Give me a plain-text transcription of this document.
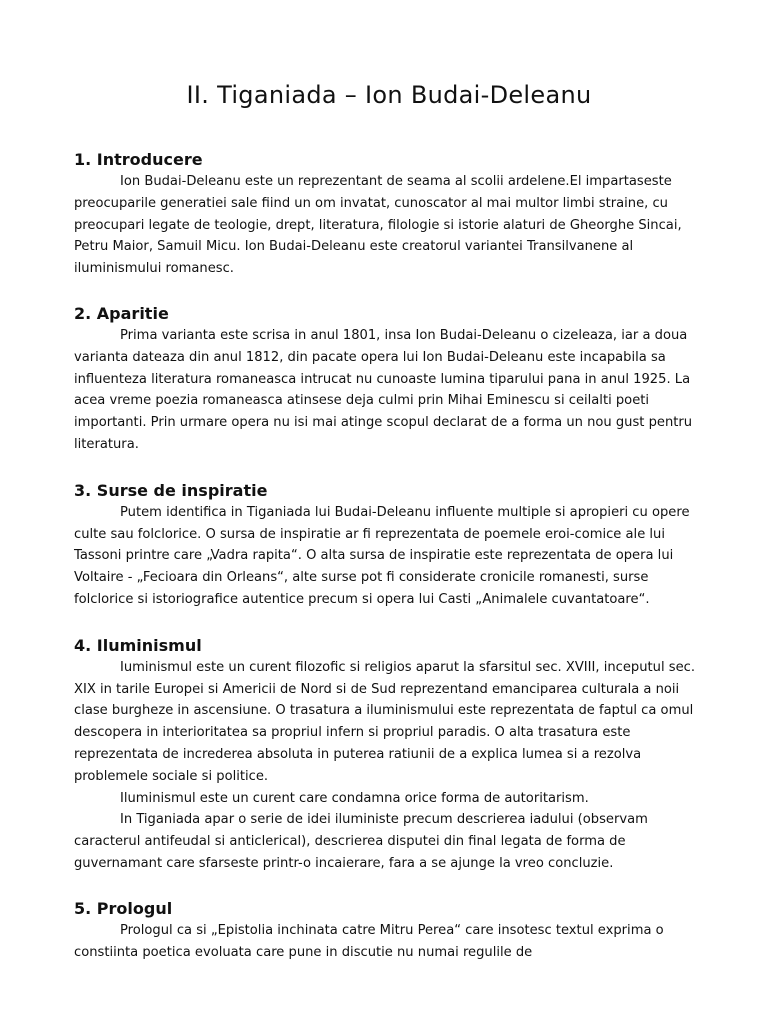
II. Tiganiada – Ion Budai-Deleanu
1. Introducere

Ion Budai-Deleanu este un reprezentant de seama al scolii ardelene.El impartaseste preocuparile generatiei sale fiind un om invatat, cunoscator al mai multor limbi straine, cu preocupari legate de teologie, drept, literatura, filologie si istorie alaturi de Gheorghe Sincai, Petru Maior, Samuil Micu. Ion Budai-Deleanu este creatorul variantei Transilvanene al iluminismului romanesc.

2. Aparitie

Prima varianta este scrisa in anul 1801, insa Ion Budai-Deleanu o cizeleaza, iar a doua varianta dateaza din anul 1812, din pacate opera lui Ion Budai-Deleanu este incapabila sa influenteza literatura romaneasca intrucat nu cunoaste lumina tiparului pana in anul 1925. La acea vreme poezia romaneasca atinsese deja culmi prin Mihai Eminescu si ceilalti poeti importanti. Prin urmare opera nu isi mai atinge scopul declarat de a forma un nou gust pentru literatura.

3. Surse de inspiratie

Putem identifica in Tiganiada lui Budai-Deleanu influente multiple si apropieri cu opere culte sau folclorice. O sursa de inspiratie ar fi reprezentata de poemele eroi-comice ale lui Tassoni printre care „Vadra rapita“. O alta sursa de inspiratie este reprezentata de opera lui Voltaire - „Fecioara din Orleans“, alte surse pot fi considerate cronicile romanesti, surse folclorice si istoriografice autentice precum si opera lui Casti „Animalele cuvantatoare“.

4. Iluminismul

Iuminismul este un curent filozofic si religios aparut la sfarsitul sec. XVIII, inceputul sec. XIX in tarile Europei si Americii de Nord si de Sud reprezentand emanciparea culturala a noii clase burgheze in ascensiune. O trasatura a iluminismului este reprezentata de faptul ca omul descopera in interioritatea sa propriul infern si propriul paradis. O alta trasatura este reprezentata de increderea absoluta in puterea ratiunii de a explica lumea si a rezolva problemele sociale si politice.

Iluminismul este un curent care condamna orice forma de autoritarism.

In Tiganiada apar o serie de idei iluministe precum descrierea iadului (observam caracterul antifeudal si anticlerical), descrierea disputei din final legata de forma de guvernamant care sfarseste printr-o incaierare, fara a se ajunge la vreo concluzie.

5. Prologul

Prologul ca si „Epistolia inchinata catre Mitru Perea“ care insotesc textul exprima o constiinta poetica evoluata care pune in discutie nu numai regulile de
